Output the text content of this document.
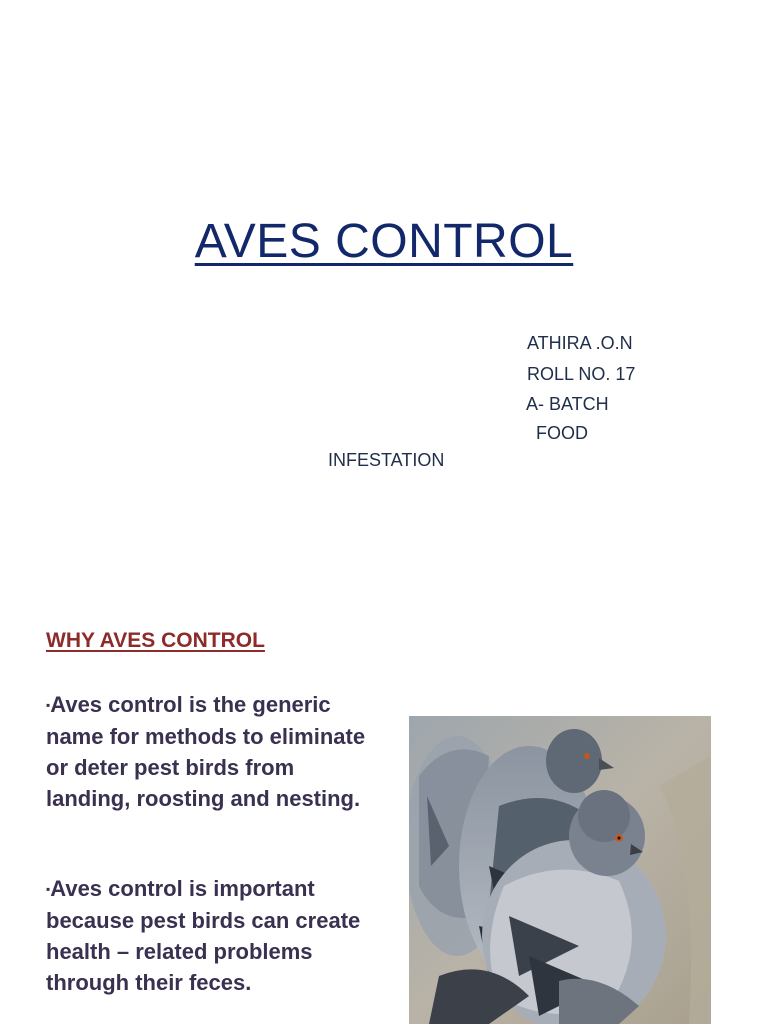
AVES CONTROL
ATHIRA .O.N
ROLL NO. 17
A- BATCH
FOOD
INFESTATION
WHY AVES CONTROL
▪Aves control is the generic name for methods to eliminate or deter pest birds from landing, roosting and nesting.
▪Aves control is important because pest birds can create health – related problems through their feces.
